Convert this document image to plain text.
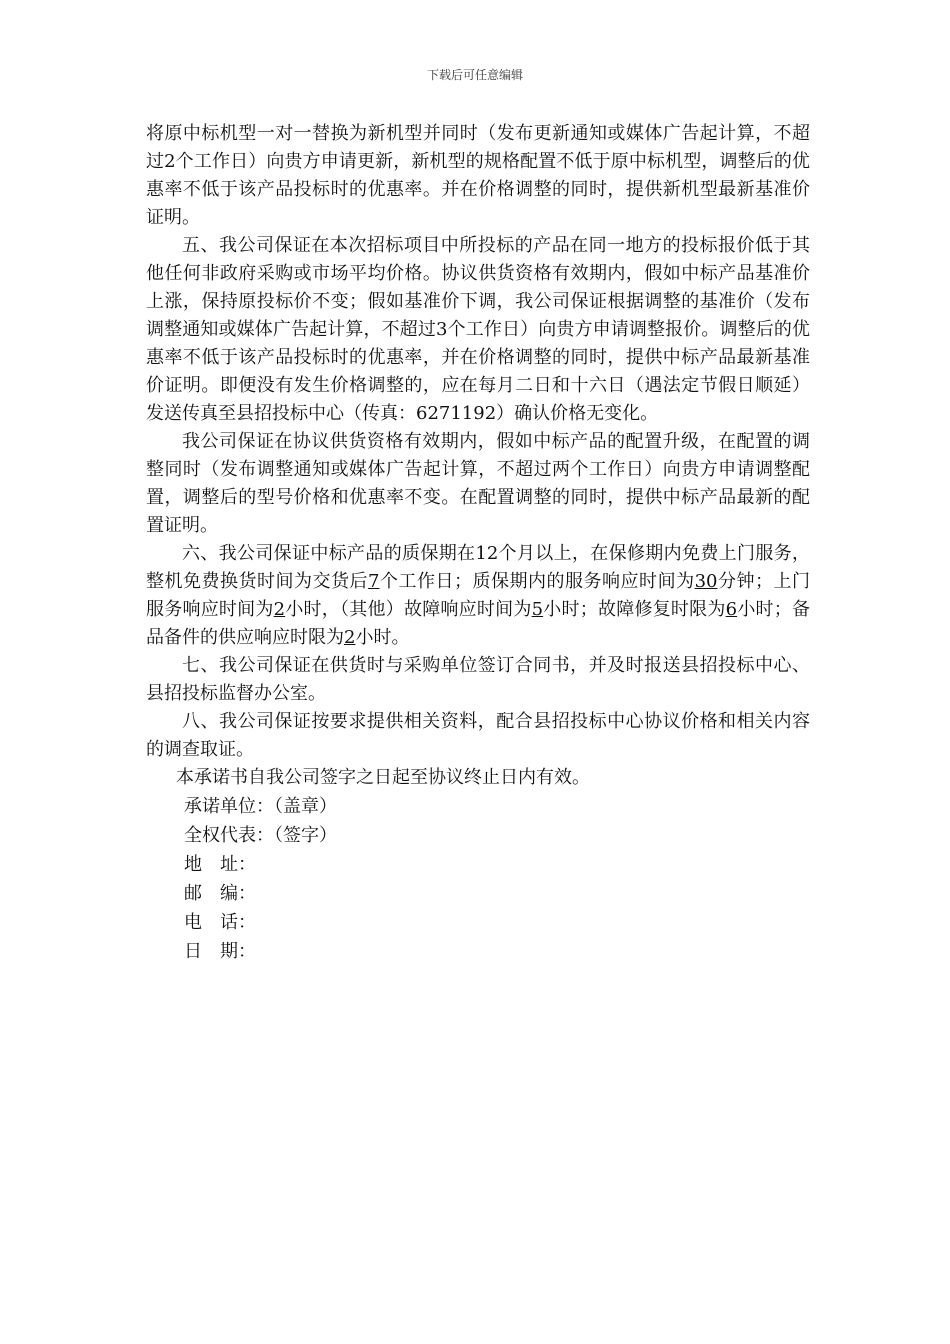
下载后可任意编辑

将原中标机型一对一替换为新机型并同时（发布更新通知或媒体广告起计算，不超过2个工作日）向贵方申请更新，新机型的规格配置不低于原中标机型，调整后的优惠率不低于该产品投标时的优惠率。并在价格调整的同时，提供新机型最新基准价证明。

五、我公司保证在本次招标项目中所投标的产品在同一地方的投标报价低于其他任何非政府采购或市场平均价格。协议供货资格有效期内，假如中标产品基准价上涨，保持原投标价不变；假如基准价下调，我公司保证根据调整的基准价（发布调整通知或媒体广告起计算，不超过3个工作日）向贵方申请调整报价。调整后的优惠率不低于该产品投标时的优惠率，并在价格调整的同时，提供中标产品最新基准价证明。即便没有发生价格调整的，应在每月二日和十六日（遇法定节假日顺延）发送传真至县招投标中心（传真：6271192）确认价格无变化。

我公司保证在协议供货资格有效期内，假如中标产品的配置升级，在配置的调整同时（发布调整通知或媒体广告起计算，不超过两个工作日）向贵方申请调整配置，调整后的型号价格和优惠率不变。在配置调整的同时，提供中标产品最新的配置证明。

六、我公司保证中标产品的质保期在12个月以上，在保修期内免费上门服务，整机免费换货时间为交货后7个工作日；质保期内的服务响应时间为30分钟；上门服务响应时间为2小时，（其他）故障响应时间为5小时；故障修复时限为6小时；备品备件的供应响应时限为2小时。

七、我公司保证在供货时与采购单位签订合同书，并及时报送县招投标中心、县招投标监督办公室。

八、我公司保证按要求提供相关资料，配合县招投标中心协议价格和相关内容的调查取证。

本承诺书自我公司签字之日起至协议终止日内有效。

承诺单位：（盖章）

全权代表：（签字）

地　址：

邮　编：

电　话：

日　期：
